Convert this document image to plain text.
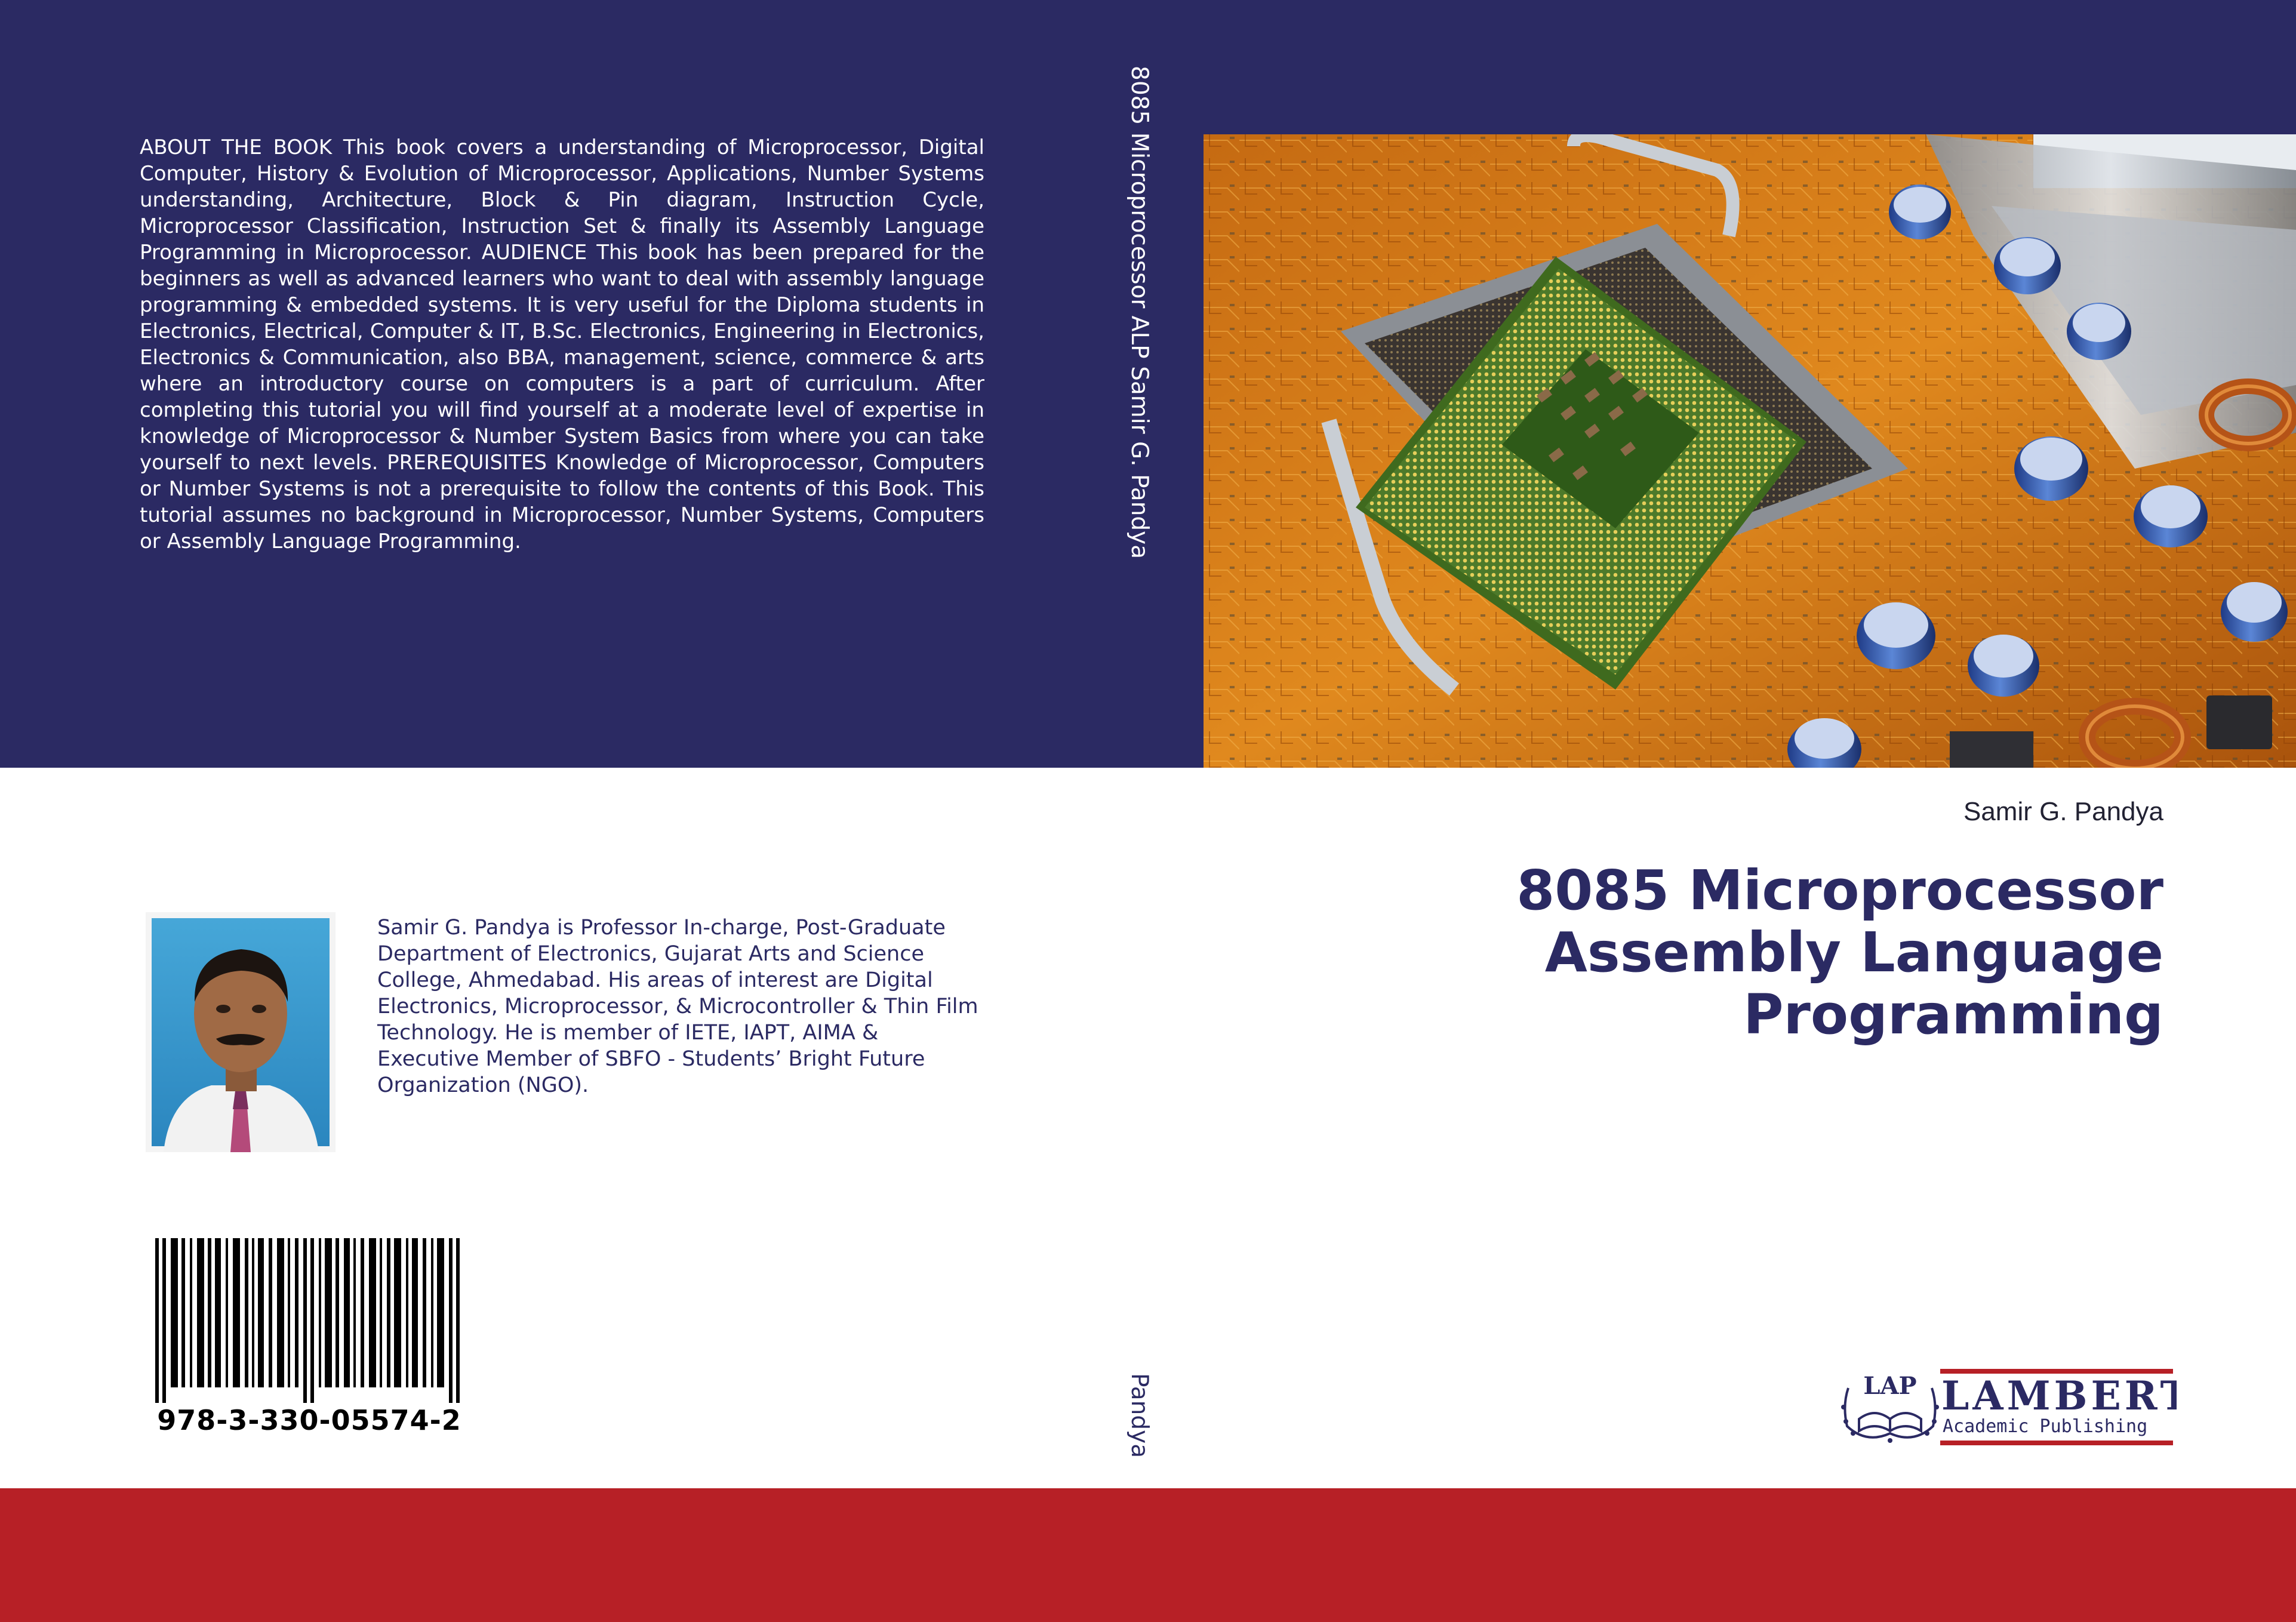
ABOUT THE BOOK This book covers a understanding of Microprocessor, Digital Computer, History & Evolution of Microprocessor, Applications, Number Systems understanding, Architecture, Block & Pin diagram, Instruction Cycle, Microprocessor Classification, Instruction Set & finally its Assembly Language Programming in Microprocessor. AUDIENCE This book has been prepared for the beginners as well as advanced learners who want to deal with assembly language programming & embedded systems. It is very useful for the Diploma students in Electronics, Electrical, Computer & IT, B.Sc. Electronics, Engineering in Electronics, Electronics & Communication, also BBA, management, science, commerce & arts where an introductory course on computers is a part of curriculum. After completing this tutorial you will find yourself at a moderate level of expertise in knowledge of Microprocessor & Number System Basics from where you can take yourself to next levels. PREREQUISITES Knowledge of Microprocessor, Computers or Number Systems is not a prerequisite to follow the contents of this Book. This tutorial assumes no background in Microprocessor, Number Systems, Computers or Assembly Language Programming.	8085 Microprocessor ALP Samir G. Pandya
Samir G. Pandya
8085 Microprocessor
Assembly Language
Programming

Samir G. Pandya is Professor In-charge, Post-Graduate Department of Electronics, Gujarat Arts and Science College, Ahmedabad. His areas of interest are Digital Electronics, Microprocessor, & Microcontroller & Thin Film Technology. He is member of IETE, IAPT, AIMA & Executive Member of SBFO - Students’ Bright Future Organization (NGO).

978-3-330-05574-2	Pandya	LAP LAMBERT
Academic Publishing
